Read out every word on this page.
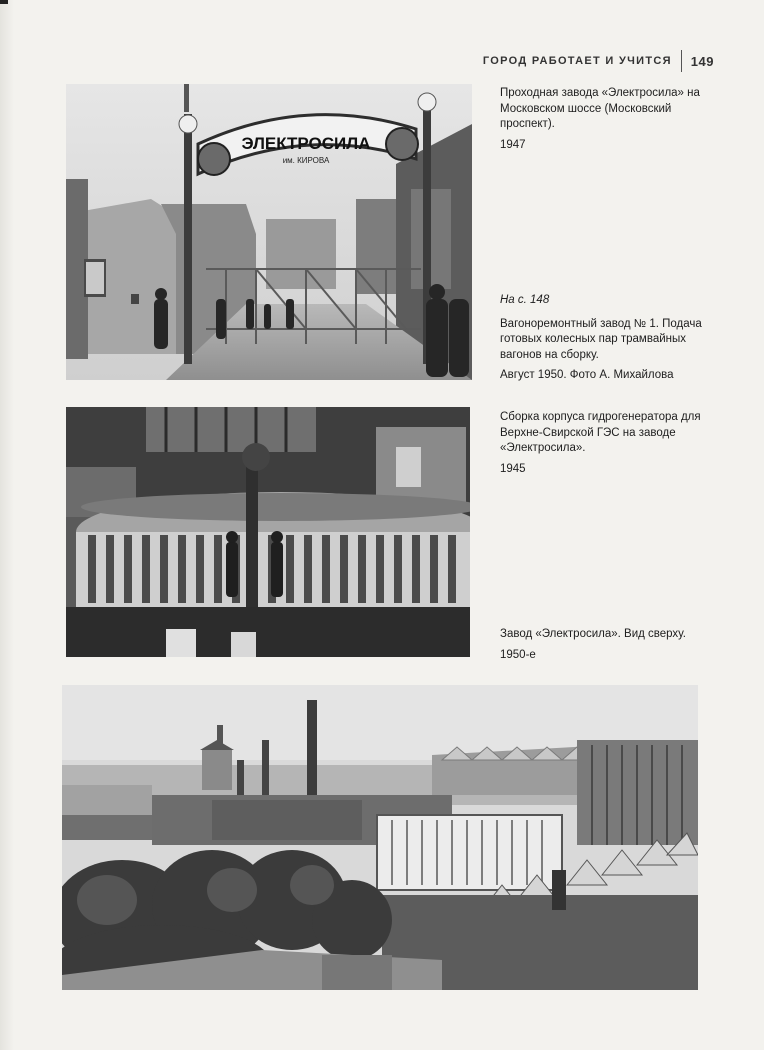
ГОРОД РАБОТАЕТ И УЧИТСЯ 149
ЭЛЕКТРОСИЛА
им. КИРОВА
Проходная завода «Электросила» на Московском шоссе (Московский проспект).
1947
На с. 148
Вагоноремонтный завод № 1. Подача готовых колесных пар трамвайных вагонов на сборку.
Август 1950. Фото А. Михайлова
Сборка корпуса гидрогенератора для Верхне-Свирской ГЭС на заводе «Электросила».
1945
Завод «Электросила». Вид сверху.
1950-е
